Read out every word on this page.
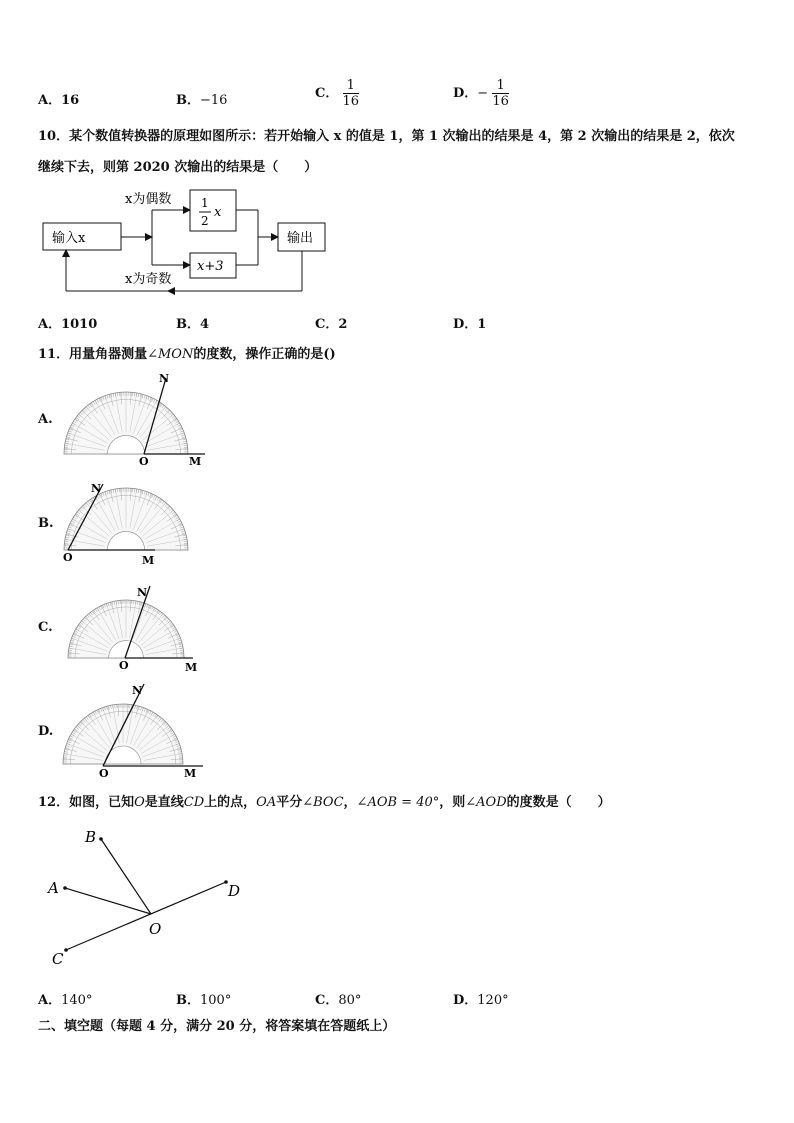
A．16	B．−16	C． $\frac{1}{16}$	D．− $\frac{1}{16}$
10．某个数值转换器的原理如图所示：若开始输入 x 的值是 1，第 1 次输出的结果是 4，第 2 次输出的结果是 2，依次
继续下去，则第 2020 次输出的结果是（　　）
输入x
1
2
x
x为偶数
x+3
输出
x为奇数
A．1010	B．4	C．2	D．1
11．用量角器测量∠MON的度数，操作正确的是()
A.
B.
C.
D.
O	M
N
O	M
N
O	M
N
O	M
N
12．如图，已知O是直线CD上的点，OA平分∠BOC，∠AOB = 40°，则∠AOD的度数是（　　）
B
A
C
D
O
A．140°	B．100°	C．80°	D．120°
二、填空题（每题 4 分，满分 20 分，将答案填在答题纸上）
